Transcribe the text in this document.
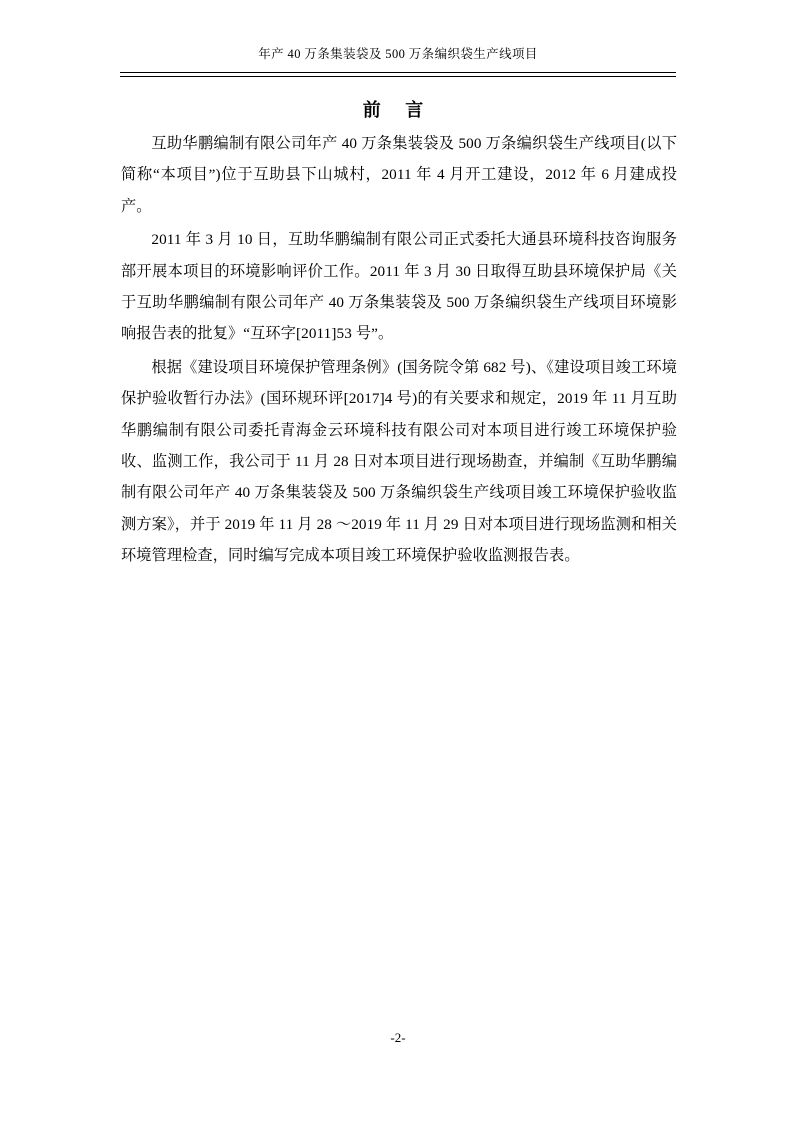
年产 40 万条集装袋及 500 万条编织袋生产线项目
前 言

互助华鹏编制有限公司年产 40 万条集装袋及 500 万条编织袋生产线项目(以下简称“本项目”)位于互助县下山城村，2011 年 4 月开工建设，2012 年 6 月建成投产。

2011 年 3 月 10 日，互助华鹏编制有限公司正式委托大通县环境科技咨询服务部开展本项目的环境影响评价工作。2011 年 3 月 30 日取得互助县环境保护局《关于互助华鹏编制有限公司年产 40 万条集装袋及 500 万条编织袋生产线项目环境影响报告表的批复》“互环字[2011]53 号”。

根据《建设项目环境保护管理条例》(国务院令第 682 号)、《建设项目竣工环境保护验收暂行办法》(国环规环评[2017]4 号)的有关要求和规定，2019 年 11 月互助华鹏编制有限公司委托青海金云环境科技有限公司对本项目进行竣工环境保护验收、监测工作，我公司于 11 月 28 日对本项目进行现场勘查，并编制《互助华鹏编制有限公司年产 40 万条集装袋及 500 万条编织袋生产线项目竣工环境保护验收监测方案》，并于 2019 年 11 月 28 ～2019 年 11 月 29 日对本项目进行现场监测和相关环境管理检查，同时编写完成本项目竣工环境保护验收监测报告表。

-2-
